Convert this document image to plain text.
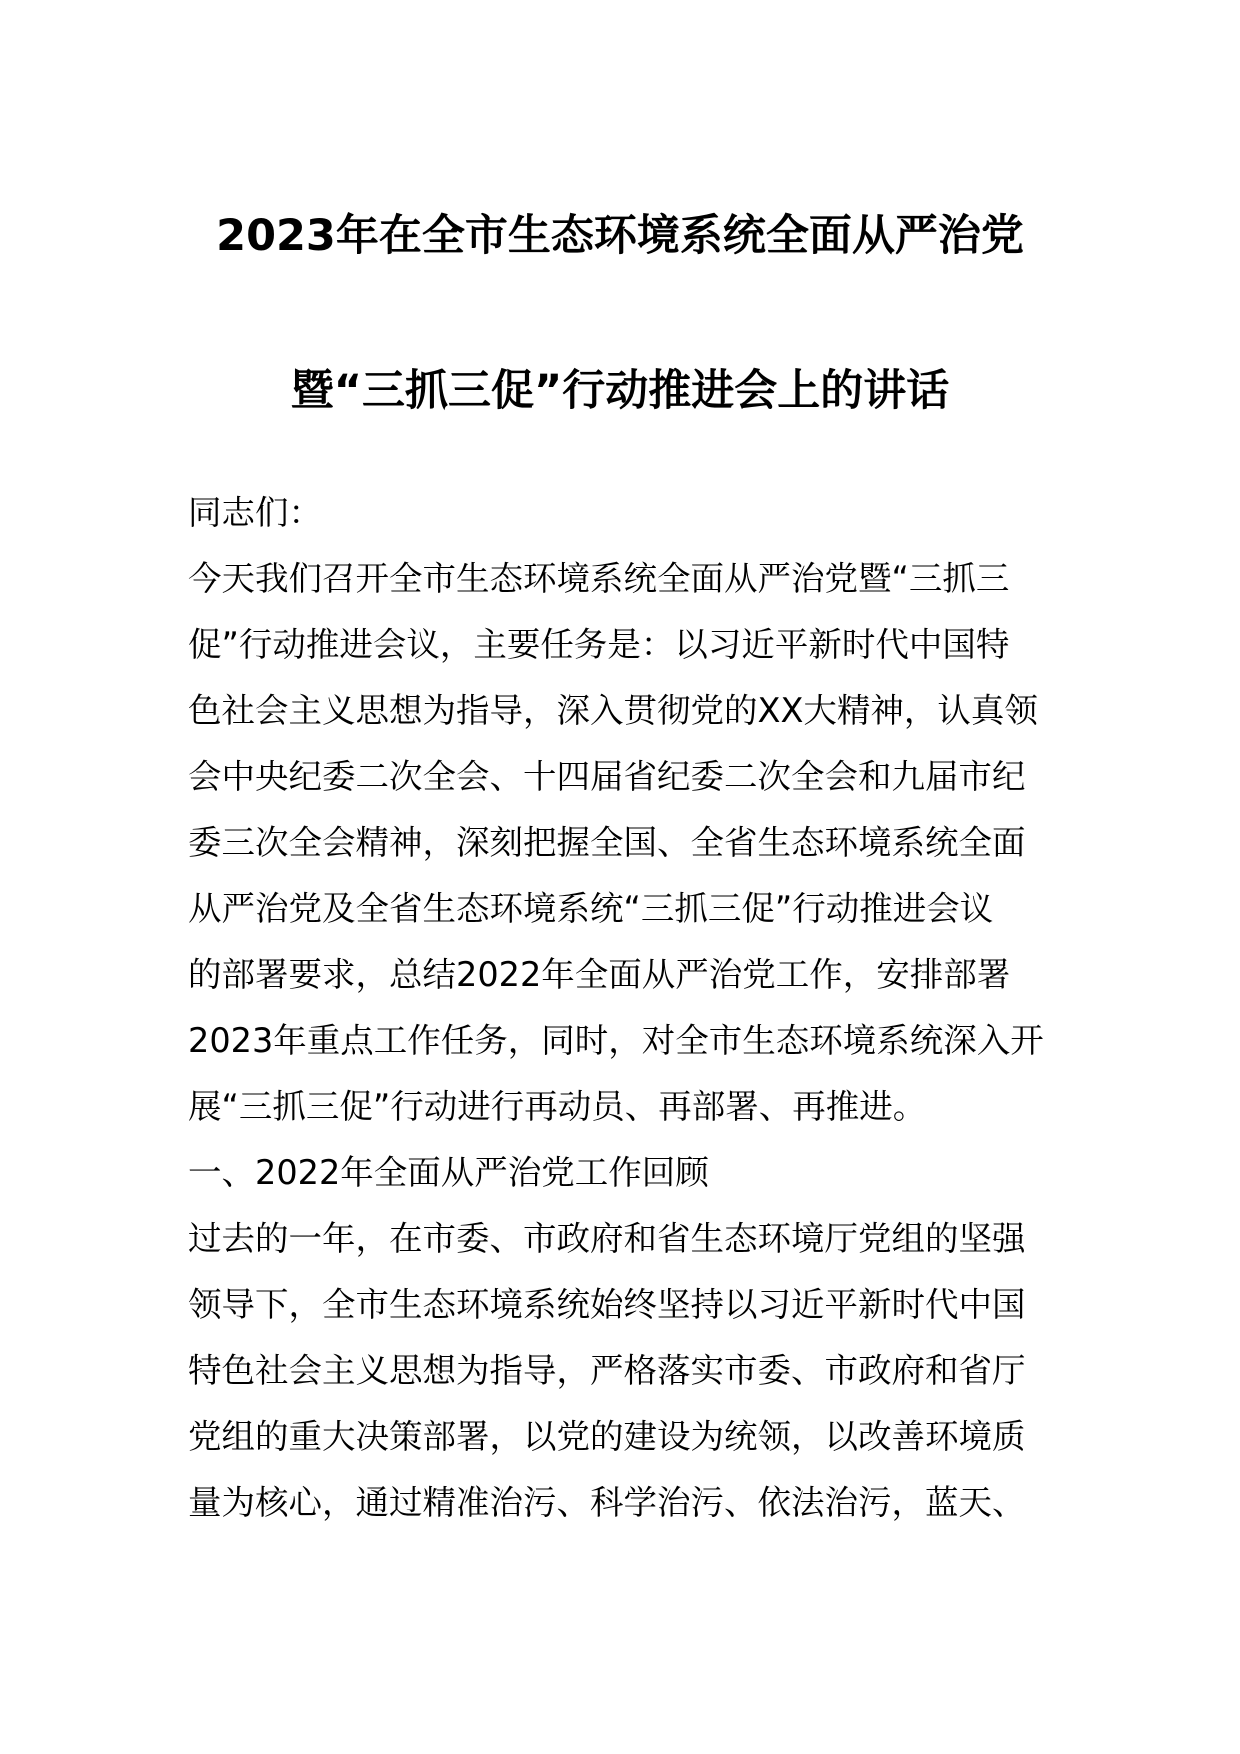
2023年在全市生态环境系统全面从严治党
暨“三抓三促”行动推进会上的讲话
同志们：
今天我们召开全市生态环境系统全面从严治党暨“三抓三
促”行动推进会议，主要任务是：以习近平新时代中国特
色社会主义思想为指导，深入贯彻党的XX大精神，认真领
会中央纪委二次全会、十四届省纪委二次全会和九届市纪
委三次全会精神，深刻把握全国、全省生态环境系统全面
从严治党及全省生态环境系统“三抓三促”行动推进会议
的部署要求，总结2022年全面从严治党工作，安排部署
2023年重点工作任务，同时，对全市生态环境系统深入开
展“三抓三促”行动进行再动员、再部署、再推进。
一、2022年全面从严治党工作回顾
过去的一年，在市委、市政府和省生态环境厅党组的坚强
领导下，全市生态环境系统始终坚持以习近平新时代中国
特色社会主义思想为指导，严格落实市委、市政府和省厅
党组的重大决策部署，以党的建设为统领，以改善环境质
量为核心，通过精准治污、科学治污、依法治污，蓝天、
